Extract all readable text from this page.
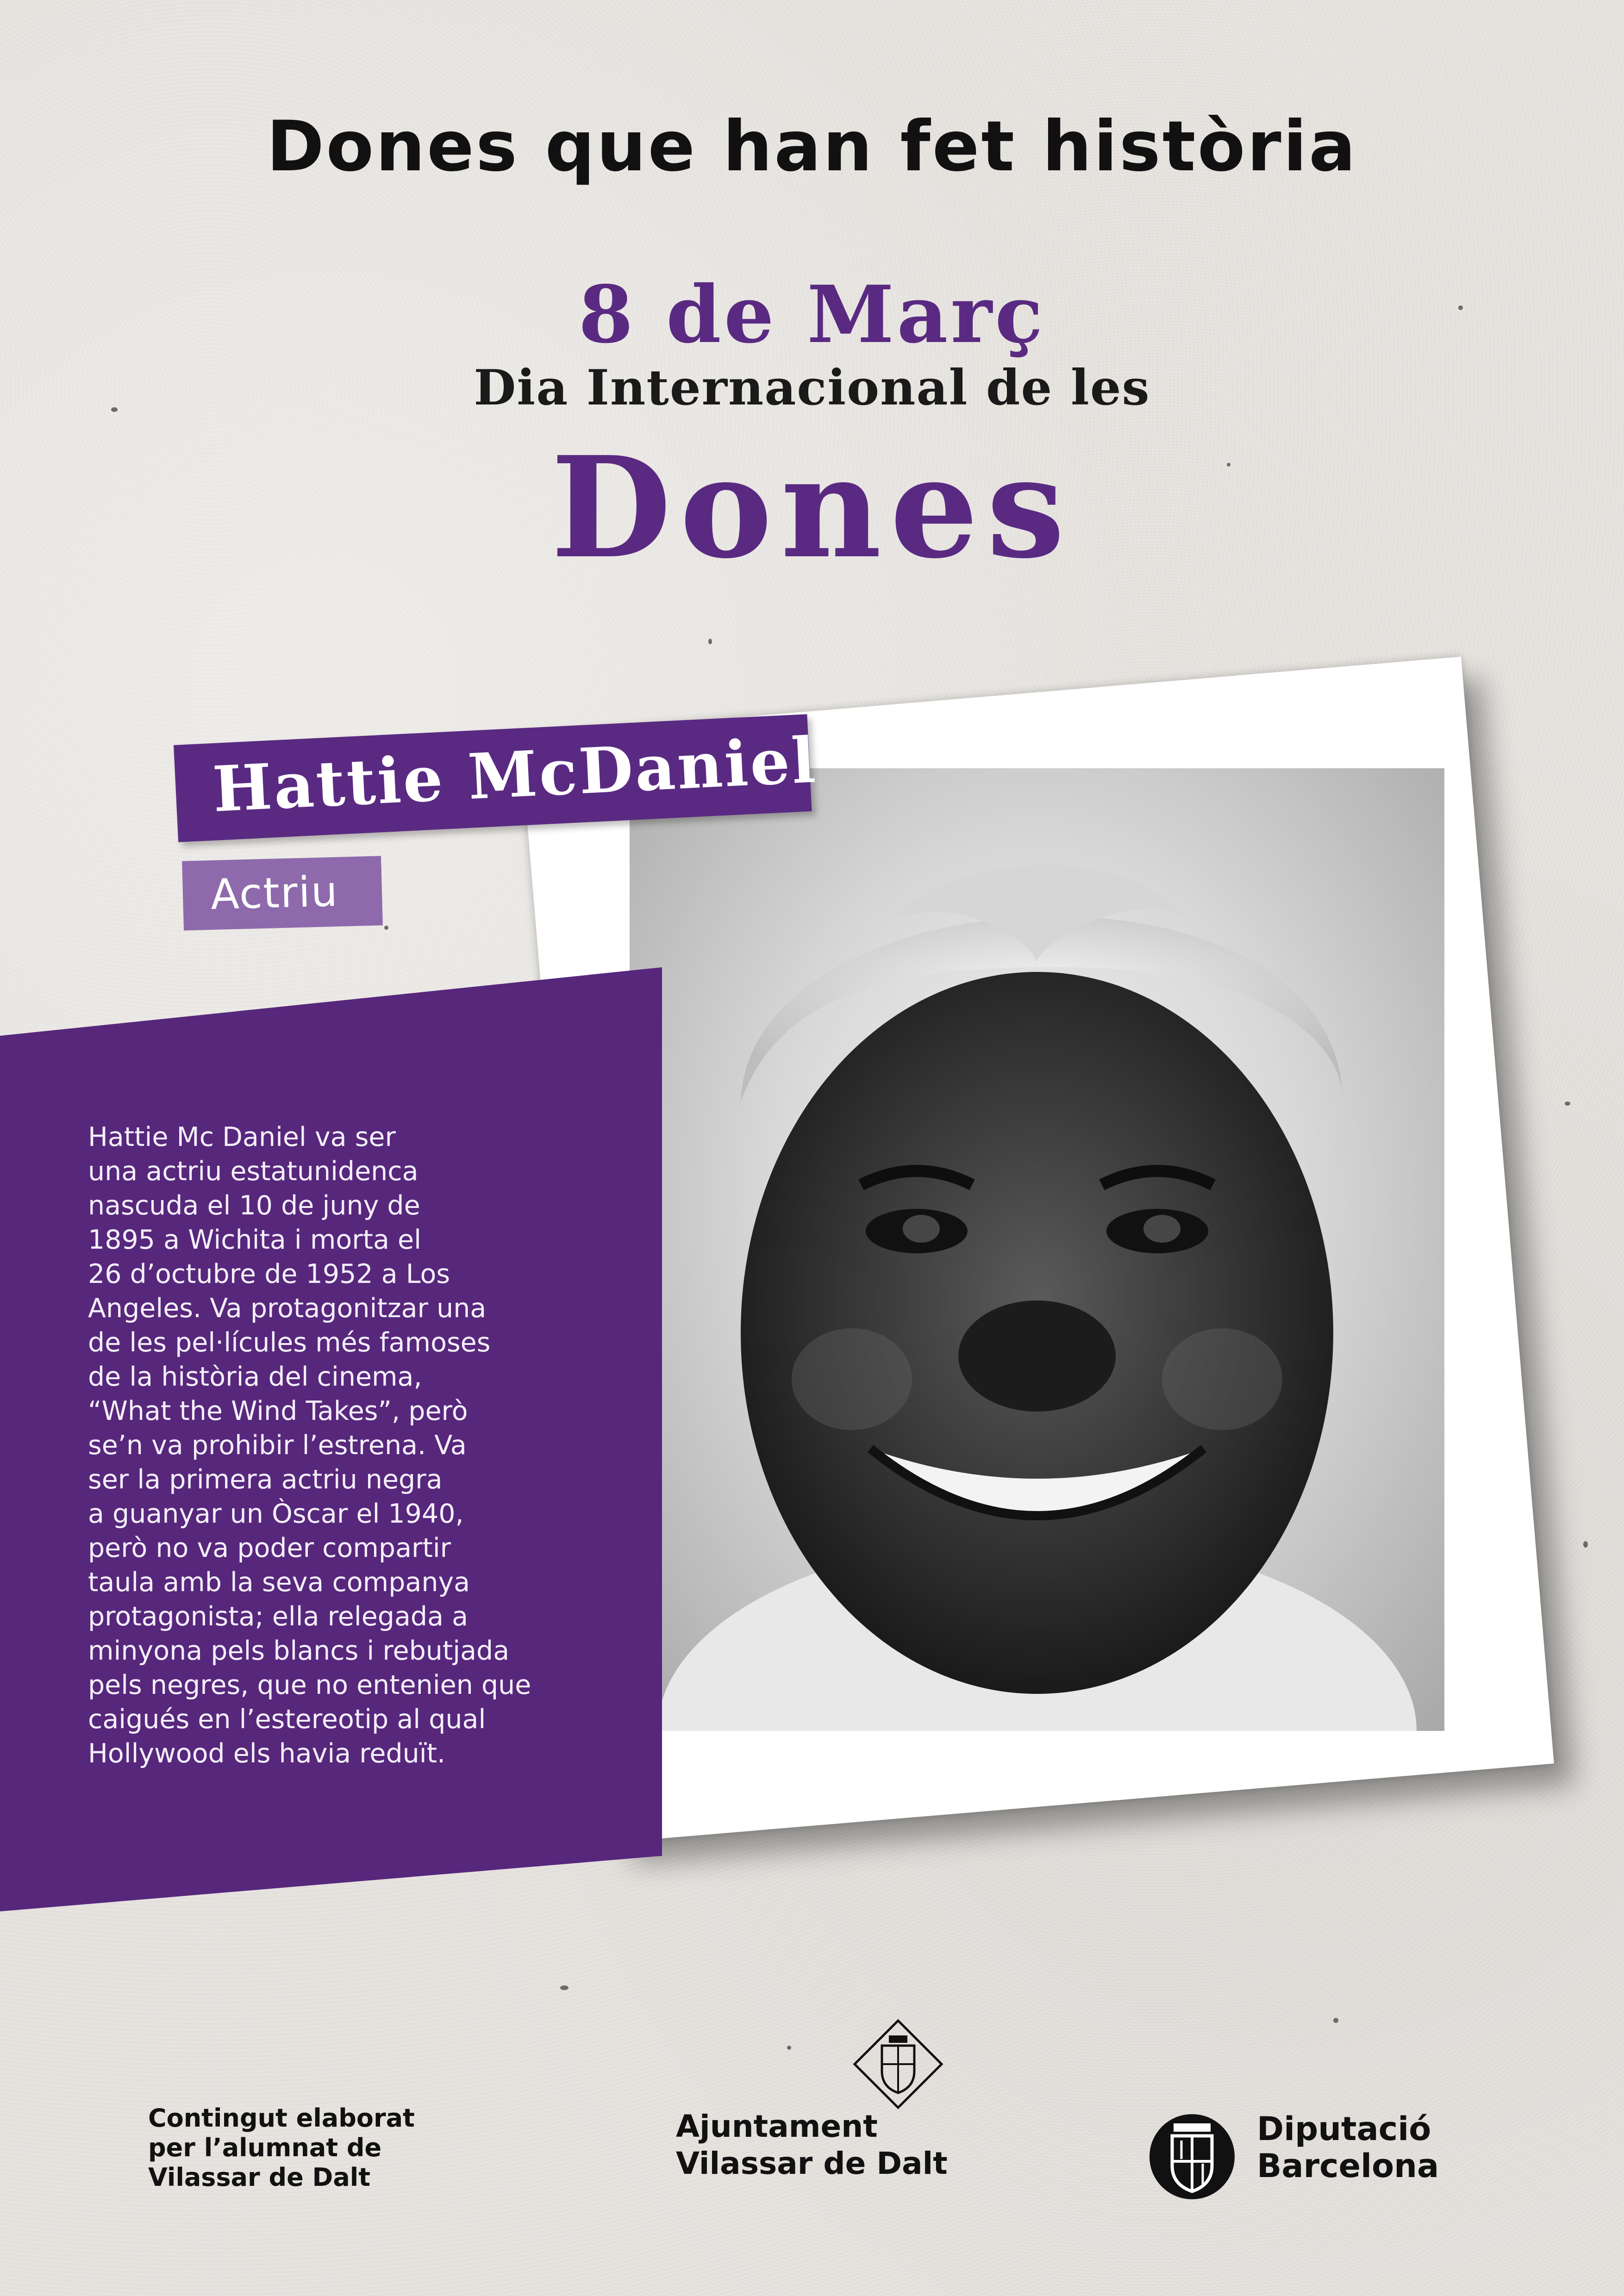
Dones que han fet història
8 de Març
Dia Internacional de les
Dones
Hattie McDaniel
Actriu

Hattie Mc Daniel va ser
una actriu estatunidenca
nascuda el 10 de juny de
1895 a Wichita i morta el
26 d’octubre de 1952 a Los
Angeles. Va protagonitzar una
de les pel·lícules més famoses
de la història del cinema,
“What the Wind Takes”, però
se’n va prohibir l’estrena. Va
ser la primera actriu negra
a guanyar un Òscar el 1940,
però no va poder compartir
taula amb la seva companya
protagonista; ella relegada a
minyona pels blancs i rebutjada
pels negres, que no entenien que
caigués en l’estereotip al qual
Hollywood els havia reduït.

Contingut elaborat
per l’alumnat de
Vilassar de Dalt
Ajuntament
Vilassar de Dalt
Diputació
Barcelona
